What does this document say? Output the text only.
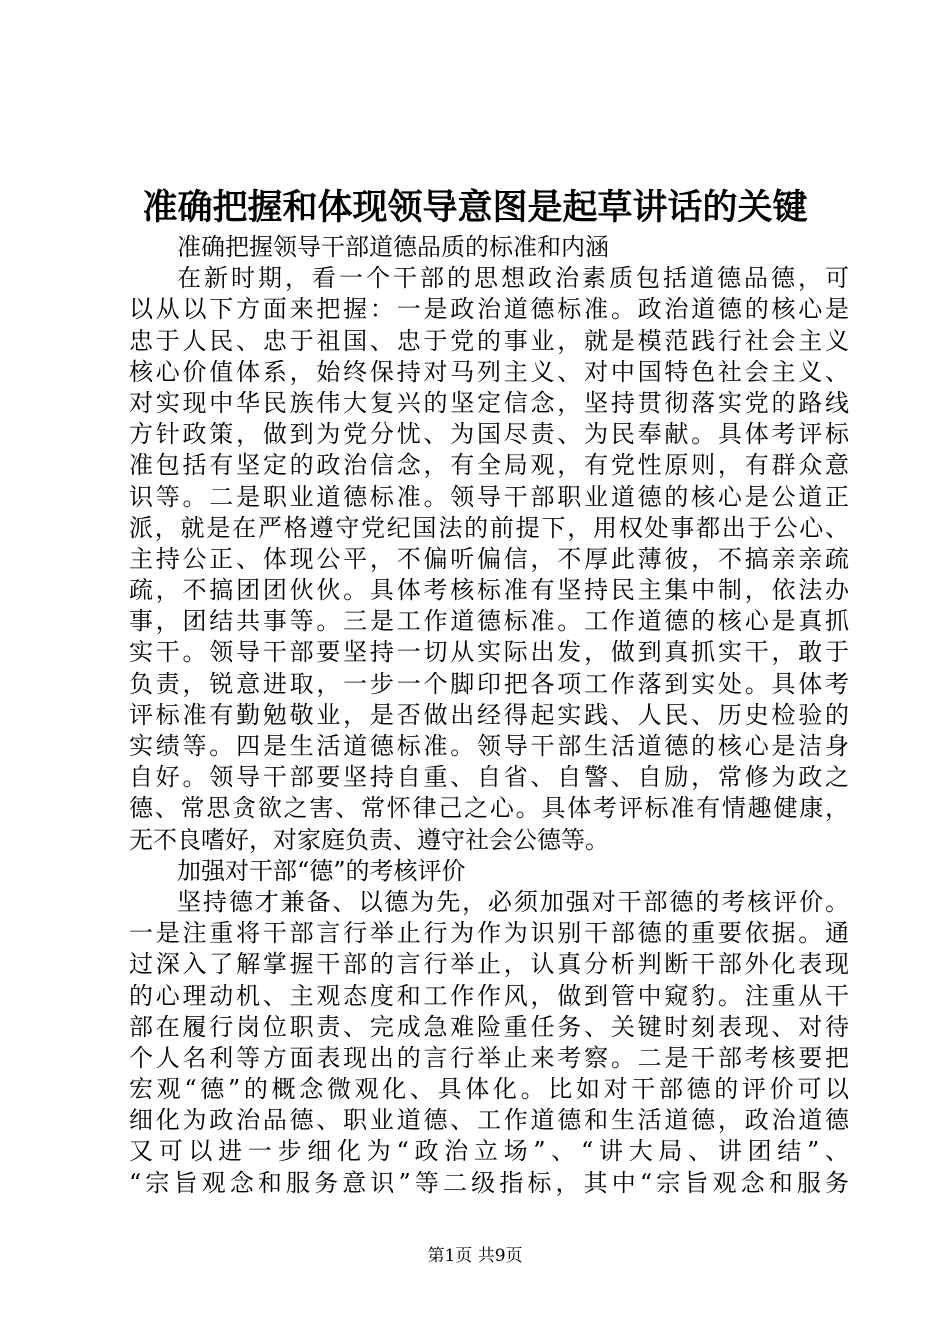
准确把握和体现领导意图是起草讲话的关键
准确把握领导干部道德品质的标准和内涵
在新时期，看一个干部的思想政治素质包括道德品德，可
以从以下方面来把握：一是政治道德标准。政治道德的核心是
忠于人民、忠于祖国、忠于党的事业，就是模范践行社会主义
核心价值体系，始终保持对马列主义、对中国特色社会主义、
对实现中华民族伟大复兴的坚定信念，坚持贯彻落实党的路线
方针政策，做到为党分忧、为国尽责、为民奉献。具体考评标
准包括有坚定的政治信念，有全局观，有党性原则，有群众意
识等。二是职业道德标准。领导干部职业道德的核心是公道正
派，就是在严格遵守党纪国法的前提下，用权处事都出于公心、
主持公正、体现公平，不偏听偏信，不厚此薄彼，不搞亲亲疏
疏，不搞团团伙伙。具体考核标准有坚持民主集中制，依法办
事，团结共事等。三是工作道德标准。工作道德的核心是真抓
实干。领导干部要坚持一切从实际出发，做到真抓实干，敢于
负责，锐意进取，一步一个脚印把各项工作落到实处。具体考
评标准有勤勉敬业，是否做出经得起实践、人民、历史检验的
实绩等。四是生活道德标准。领导干部生活道德的核心是洁身
自好。领导干部要坚持自重、自省、自警、自励，常修为政之
德、常思贪欲之害、常怀律己之心。具体考评标准有情趣健康，
无不良嗜好，对家庭负责、遵守社会公德等。
加强对干部“德”的考核评价
坚持德才兼备、以德为先，必须加强对干部德的考核评价。
一是注重将干部言行举止行为作为识别干部德的重要依据。通
过深入了解掌握干部的言行举止，认真分析判断干部外化表现
的心理动机、主观态度和工作作风，做到管中窥豹。注重从干
部在履行岗位职责、完成急难险重任务、关键时刻表现、对待
个人名利等方面表现出的言行举止来考察。二是干部考核要把
宏观“德”的概念微观化、具体化。比如对干部德的评价可以
细化为政治品德、职业道德、工作道德和生活道德，政治道德
又可以进一步细化为“政治立场”、“讲大局、讲团结”、
“宗旨观念和服务意识”等二级指标，其中“宗旨观念和服务
第1页 共9页
